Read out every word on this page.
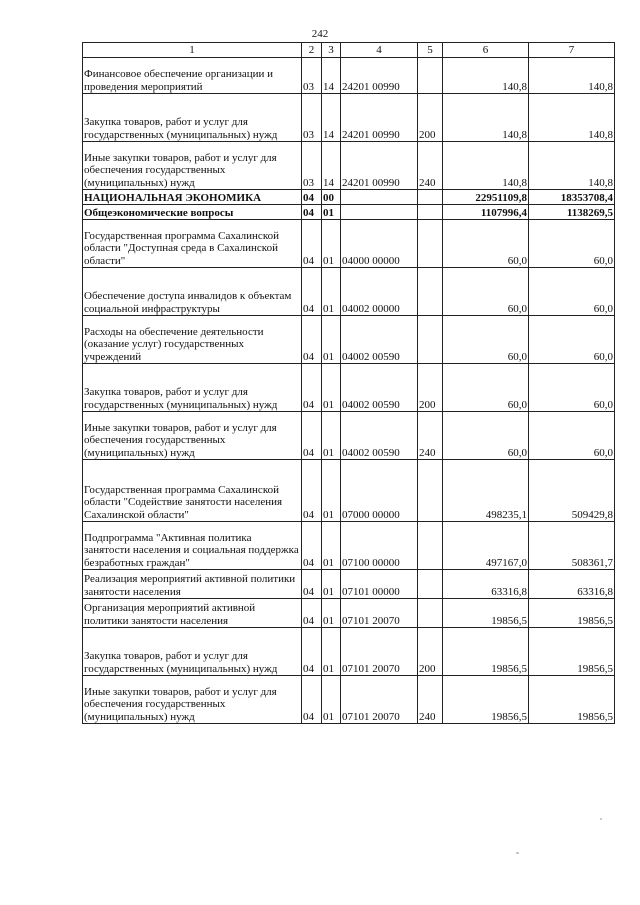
242
1	2	3	4	5	6	7
Финансовое обеспечение организации и проведения мероприятий	03	14	24201 00990		140,8	140,8
Закупка товаров, работ и услуг для государственных (муниципальных) нужд	03	14	24201 00990	200	140,8	140,8
Иные закупки товаров, работ и услуг для обеспечения государственных (муниципальных) нужд	03	14	24201 00990	240	140,8	140,8
НАЦИОНАЛЬНАЯ ЭКОНОМИКА	04	00			22951109,8	18353708,4
Общеэкономические вопросы	04	01			1107996,4	1138269,5
Государственная программа Сахалинской области "Доступная среда в Сахалинской области"	04	01	04000 00000		60,0	60,0
Обеспечение доступа инвалидов к объектам социальной инфраструктуры	04	01	04002 00000		60,0	60,0
Расходы на обеспечение деятельности (оказание услуг) государственных учреждений	04	01	04002 00590		60,0	60,0
Закупка товаров, работ и услуг для государственных (муниципальных) нужд	04	01	04002 00590	200	60,0	60,0
Иные закупки товаров, работ и услуг для обеспечения государственных (муниципальных) нужд	04	01	04002 00590	240	60,0	60,0
Государственная программа Сахалинской области "Содействие занятости населения Сахалинской области"	04	01	07000 00000		498235,1	509429,8
Подпрограмма "Активная политика занятости населения и социальная поддержка безработных граждан"	04	01	07100 00000		497167,0	508361,7
Реализация мероприятий активной политики занятости населения	04	01	07101 00000		63316,8	63316,8
Организация мероприятий активной политики занятости населения	04	01	07101 20070		19856,5	19856,5
Закупка товаров, работ и услуг для государственных (муниципальных) нужд	04	01	07101 20070	200	19856,5	19856,5
Иные закупки товаров, работ и услуг для обеспечения государственных (муниципальных) нужд	04	01	07101 20070	240	19856,5	19856,5
